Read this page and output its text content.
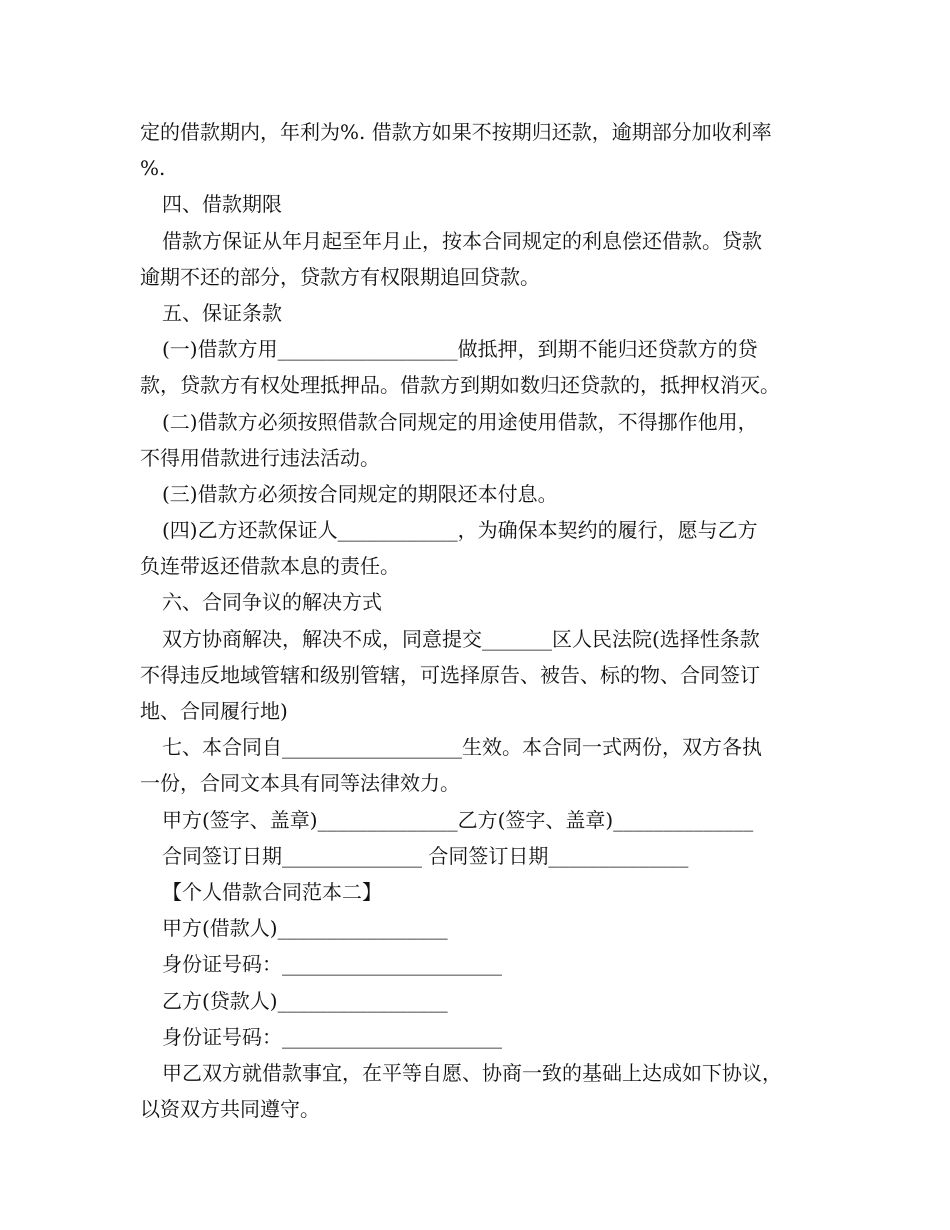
定的借款期内，年利为%. 借款方如果不按期归还款，逾期部分加收利率
%.
四、借款期限
借款方保证从年月起至年月止，按本合同规定的利息偿还借款。贷款
逾期不还的部分，贷款方有权限期追回贷款。
五、保证条款
(一)借款方用__________________做抵押，到期不能归还贷款方的贷
款，贷款方有权处理抵押品。借款方到期如数归还贷款的，抵押权消灭。
(二)借款方必须按照借款合同规定的用途使用借款，不得挪作他用，
不得用借款进行违法活动。
(三)借款方必须按合同规定的期限还本付息。
(四)乙方还款保证人____________，为确保本契约的履行，愿与乙方
负连带返还借款本息的责任。
六、合同争议的解决方式
双方协商解决，解决不成，同意提交_______区人民法院(选择性条款
不得违反地域管辖和级别管辖，可选择原告、被告、标的物、合同签订
地、合同履行地)
七、本合同自__________________生效。本合同一式两份，双方各执
一份，合同文本具有同等法律效力。
甲方(签字、盖章)______________乙方(签字、盖章)______________
合同签订日期______________ 合同签订日期______________
【个人借款合同范本二】
甲方(借款人)_________________
身份证号码：______________________
乙方(贷款人)_________________
身份证号码：______________________
甲乙双方就借款事宜，在平等自愿、协商一致的基础上达成如下协议，
以资双方共同遵守。
